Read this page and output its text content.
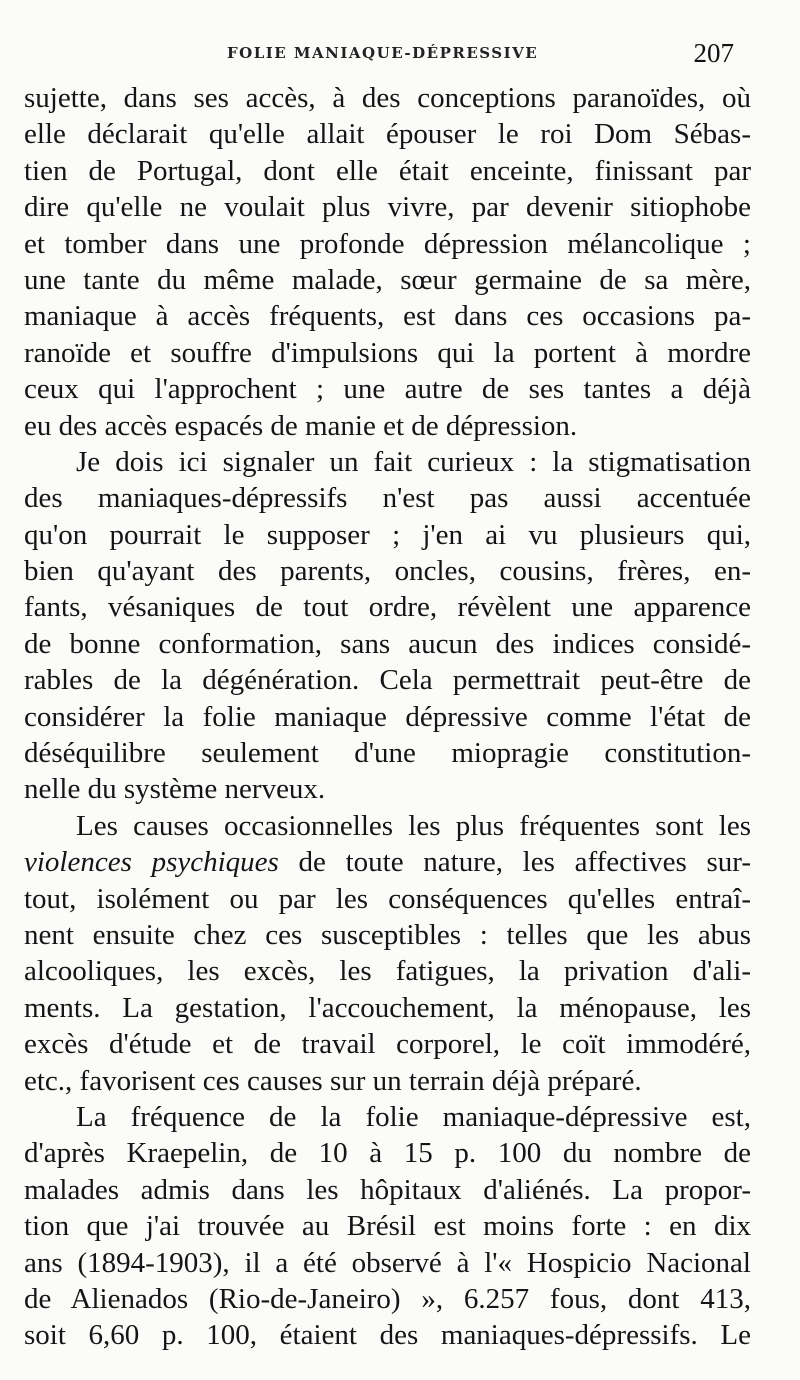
FOLIE MANIAQUE-DÉPRESSIVE	207
sujette, dans ses accès, à des conceptions paranoïdes, où
elle déclarait qu'elle allait épouser le roi Dom Sébas-
tien de Portugal, dont elle était enceinte, finissant par
dire qu'elle ne voulait plus vivre, par devenir sitiophobe
et tomber dans une profonde dépression mélancolique ;
une tante du même malade, sœur germaine de sa mère,
maniaque à accès fréquents, est dans ces occasions pa-
ranoïde et souffre d'impulsions qui la portent à mordre
ceux qui l'approchent ; une autre de ses tantes a déjà
eu des accès espacés de manie et de dépression.
Je dois ici signaler un fait curieux : la stigmatisation
des maniaques-dépressifs n'est pas aussi accentuée
qu'on pourrait le supposer ; j'en ai vu plusieurs qui,
bien qu'ayant des parents, oncles, cousins, frères, en-
fants, vésaniques de tout ordre, révèlent une apparence
de bonne conformation, sans aucun des indices considé-
rables de la dégénération. Cela permettrait peut-être de
considérer la folie maniaque dépressive comme l'état de
déséquilibre seulement d'une miopragie constitution-
nelle du système nerveux.
Les causes occasionnelles les plus fréquentes sont les
violences psychiques de toute nature, les affectives sur-
tout, isolément ou par les conséquences qu'elles entraî-
nent ensuite chez ces susceptibles : telles que les abus
alcooliques, les excès, les fatigues, la privation d'ali-
ments. La gestation, l'accouchement, la ménopause, les
excès d'étude et de travail corporel, le coït immodéré,
etc., favorisent ces causes sur un terrain déjà préparé.
La fréquence de la folie maniaque-dépressive est,
d'après Kraepelin, de 10 à 15 p. 100 du nombre de
malades admis dans les hôpitaux d'aliénés. La propor-
tion que j'ai trouvée au Brésil est moins forte : en dix
ans (1894-1903), il a été observé à l'« Hospicio Nacional
de Alienados (Rio-de-Janeiro) », 6.257 fous, dont 413,
soit 6,60 p. 100, étaient des maniaques-dépressifs. Le
